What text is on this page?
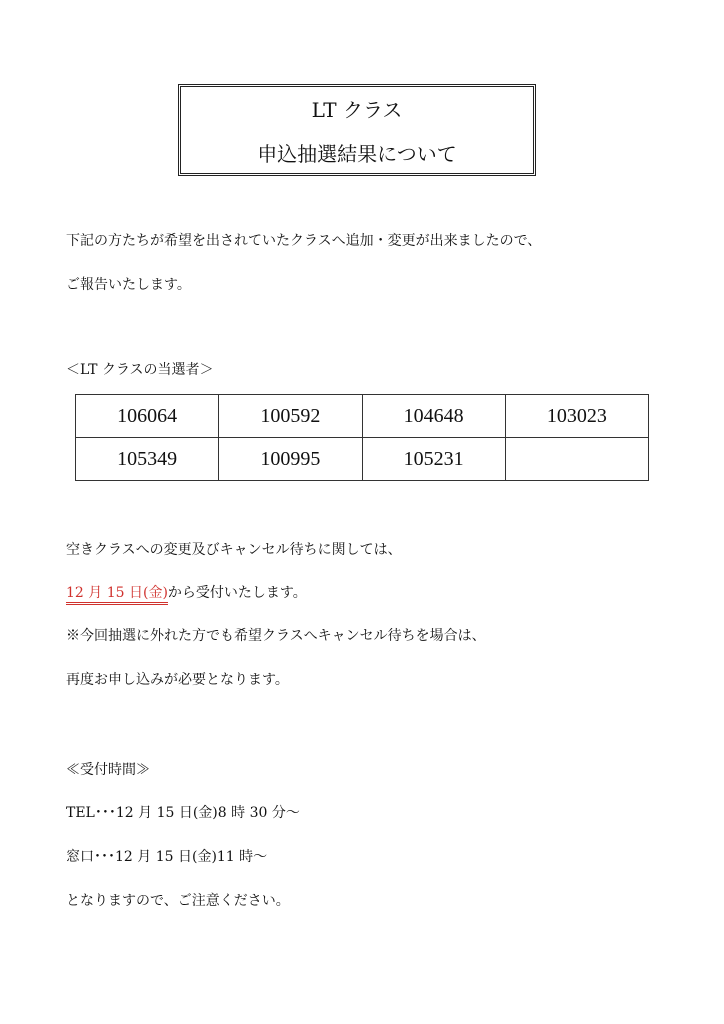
LT クラス
申込抽選結果について
下記の方たちが希望を出されていたクラスへ追加・変更が出来ましたので、
ご報告いたします。
＜LT クラスの当選者＞
106064	100592	104648	103023
105349	100995	105231	
空きクラスへの変更及びキャンセル待ちに関しては、
12 月 15 日(金)から受付いたします。
※今回抽選に外れた方でも希望クラスへキャンセル待ちを場合は、
再度お申し込みが必要となります。
≪受付時間≫
TEL･･･12 月 15 日(金)8 時 30 分～
窓口･･･12 月 15 日(金)11 時～
となりますので、ご注意ください。
